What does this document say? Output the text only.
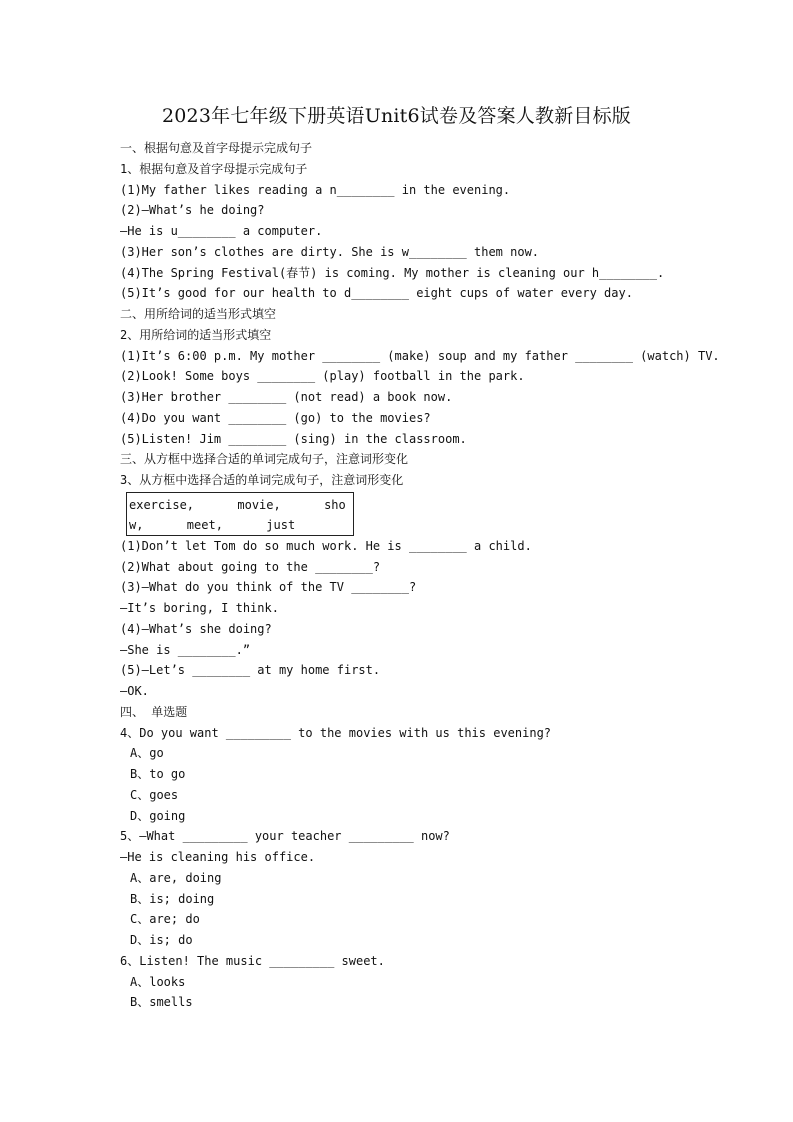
2023年七年级下册英语Unit6试卷及答案人教新目标版
一、根据句意及首字母提示完成句子
1、根据句意及首字母提示完成句子
(1)My father likes reading a n________ in the evening.
(2)—What’s he doing?
—He is u________ a computer.
(3)Her son’s clothes are dirty. She is w________ them now.
(4)The Spring Festival(春节) is coming. My mother is cleaning our h________.
(5)It’s good for our health to d________ eight cups of water every day.
二、用所给词的适当形式填空
2、用所给词的适当形式填空
(1)It’s 6:00 p.m. My mother ________ (make) soup and my father ________ (watch) TV.
(2)Look! Some boys ________ (play) football in the park.
(3)Her brother ________ (not read) a book now.
(4)Do you want ________ (go) to the movies?
(5)Listen! Jim ________ (sing) in the classroom.
三、从方框中选择合适的单词完成句子，注意词形变化
3、从方框中选择合适的单词完成句子，注意词形变化
exercise,      movie,      sho
w,      meet,      just
(1)Don’t let Tom do so much work. He is ________ a child.
(2)What about going to the ________?
(3)—What do you think of the TV ________?
—It’s boring, I think.
(4)—What’s she doing?
—She is ________.”
(5)—Let’s ________ at my home first.
—OK.
四、 单选题
4、Do you want _________ to the movies with us this evening?
A、go
B、to go
C、goes
D、going
5、—What _________ your teacher _________ now?
—He is cleaning his office.
A、are, doing
B、is; doing
C、are; do
D、is; do
6、Listen! The music _________ sweet.
A、looks
B、smells
